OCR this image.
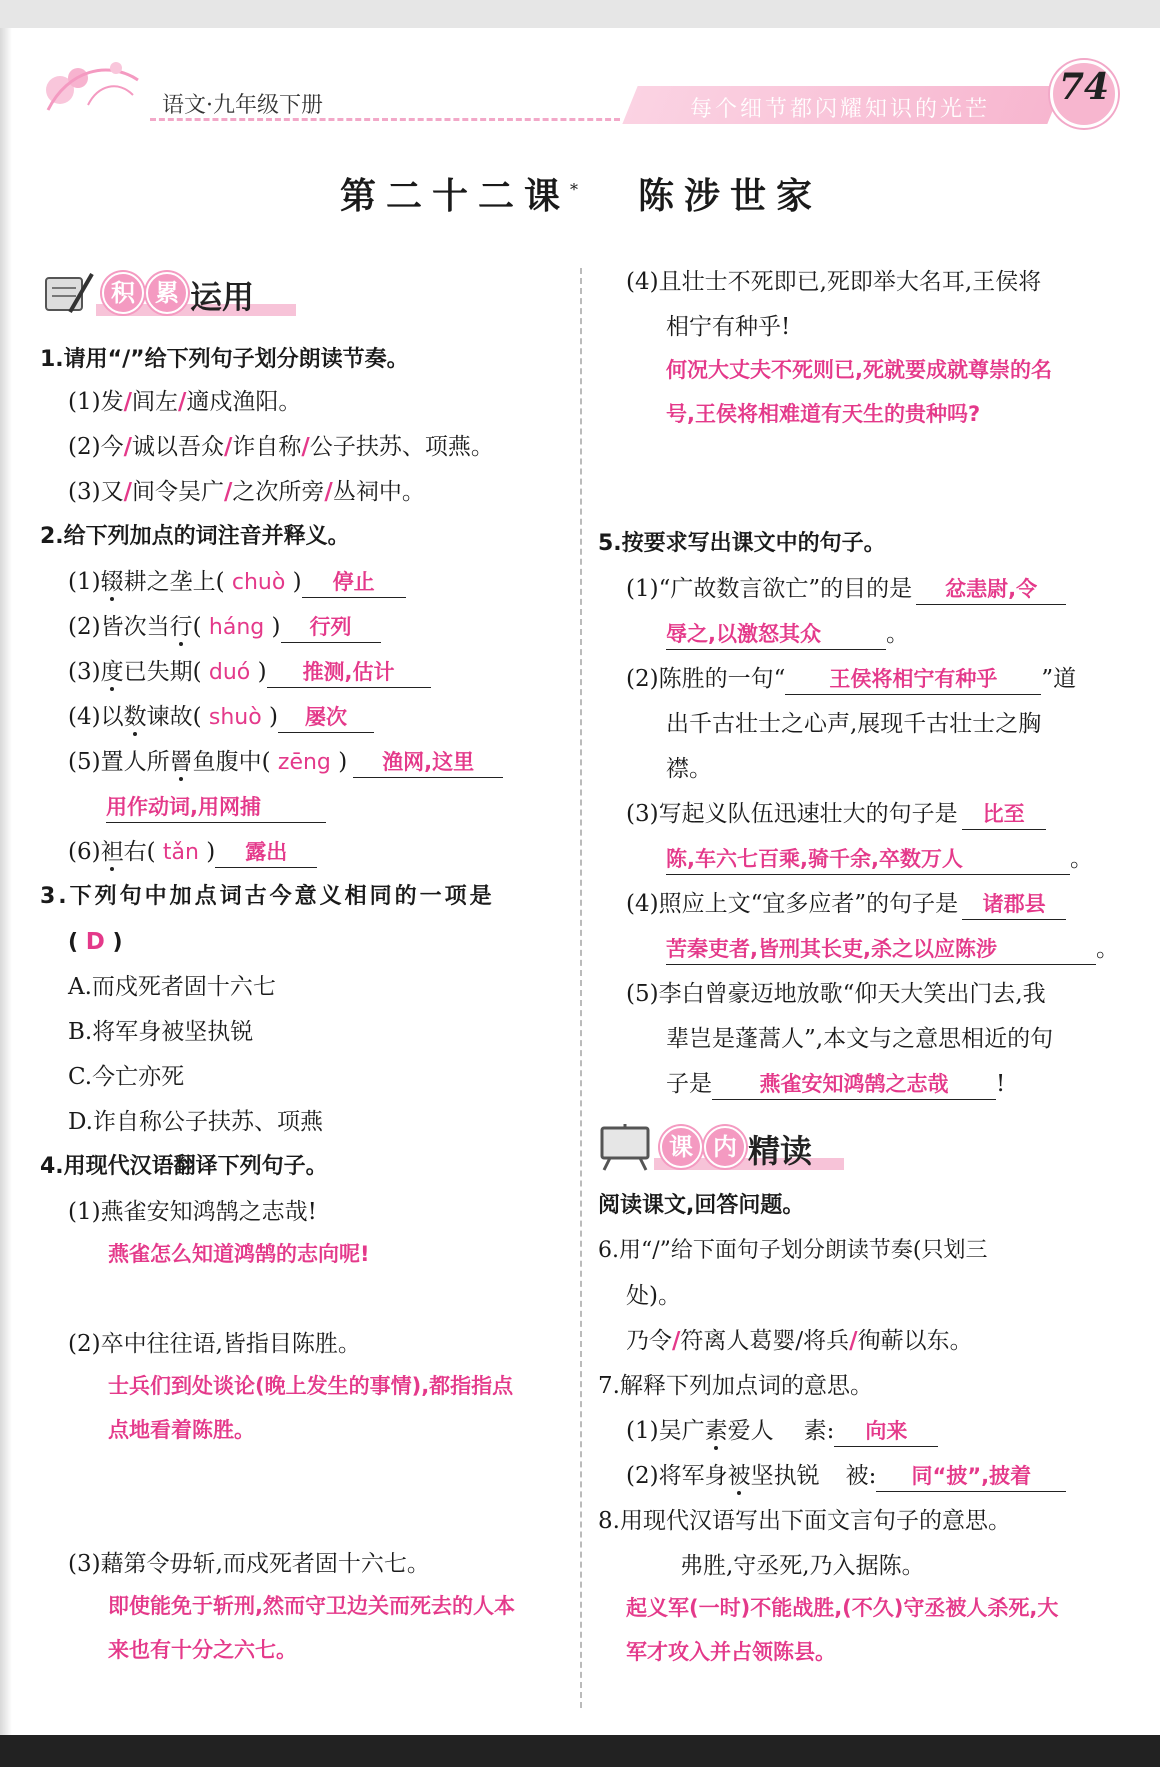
语文·九年级下册	每个细节都闪耀知识的光芒
74
第二十二课* 陈涉世家
积 累 运用
1.请用“/”给下列句子划分朗读节奏。
(1)发/闾左/適戍渔阳。
(2)今/诚以吾众/诈自称/公子扶苏、项燕。
(3)又/间令吴广/之次所旁/丛祠中。
2.给下列加点的词注音并释义。
(1)辍耕之垄上( chuò ) 停止
(2)皆次当行( háng ) 行列
(3)度已失期( duó ) 推测,估计
(4)以数谏故( shuò ) 屡次
(5)置人所罾鱼腹中( zēng ) 渔网,这里
用作动词,用网捕
(6)袒右( tǎn ) 露出
3.下列句中加点词古今意义相同的一项是
( D )
A.而戍死者固十六七
B.将军身被坚执锐
C.今亡亦死
D.诈自称公子扶苏、项燕
4.用现代汉语翻译下列句子。
(1)燕雀安知鸿鹄之志哉!
燕雀怎么知道鸿鹄的志向呢!
(2)卒中往往语,皆指目陈胜。
士兵们到处谈论(晚上发生的事情),都指指点
点地看着陈胜。
(3)藉第令毋斩,而戍死者固十六七。
即使能免于斩刑,然而守卫边关而死去的人本
来也有十分之六七。
(4)且壮士不死即已,死即举大名耳,王侯将
相宁有种乎!
何况大丈夫不死则已,死就要成就尊崇的名
号,王侯将相难道有天生的贵种吗?
5.按要求写出课文中的句子。
(1)“广故数言欲亡”的目的是 忿恚尉,令
辱之,以激怒其众	。
(2)陈胜的一句“ 王侯将相宁有种乎 ”道
出千古壮士之心声,展现千古壮士之胸
襟。
(3)写起义队伍迅速壮大的句子是 比至
陈,车六七百乘,骑千余,卒数万人	。
(4)照应上文“宜多应者”的句子是 诸郡县
苦秦吏者,皆刑其长吏,杀之以应陈涉	。
(5)李白曾豪迈地放歌“仰天大笑出门去,我
辈岂是蓬蒿人”,本文与之意思相近的句
子是 燕雀安知鸿鹄之志哉 !
课 内 精读
阅读课文,回答问题。
6.用“/”给下面句子划分朗读节奏(只划三
处)。
乃令/符离人葛婴/将兵/徇蕲以东。
7.解释下列加点词的意思。
(1)吴广素爱人 素: 向来
(2)将军身被坚执锐 被: 同“披”,披着
8.用现代汉语写出下面文言句子的意思。
弗胜,守丞死,乃入据陈。
起义军(一时)不能战胜,(不久)守丞被人杀死,大
军才攻入并占领陈县。
